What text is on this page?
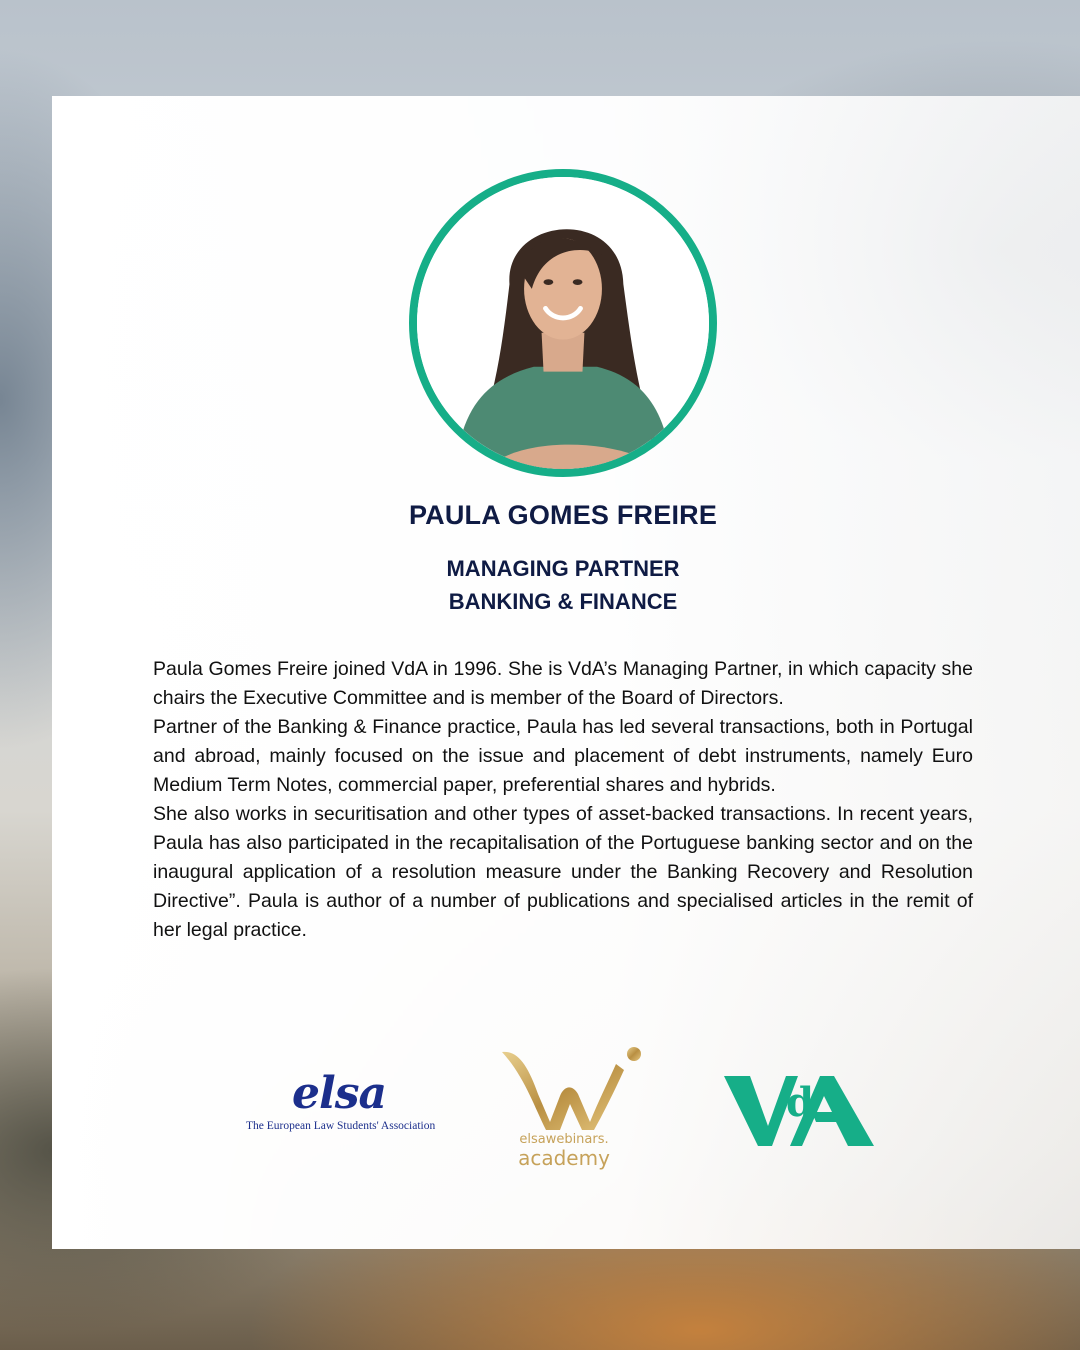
PAULA GOMES FREIRE
MANAGING PARTNER
BANKING & FINANCE

Paula Gomes Freire joined VdA in 1996. She is VdA’s Managing Partner, in which capacity she chairs the Executive Committee and is member of the Board of Directors.

Partner of the Banking & Finance practice, Paula has led several transactions, both in Portugal and abroad, mainly focused on the issue and placement of debt instruments, namely Euro Medium Term Notes, commercial paper, preferential shares and hybrids.

She also works in securitisation and other types of asset-backed transactions. In recent years, Paula has also participated in the recapitalisation of the Portuguese banking sector and on the inaugural application of a resolution measure under the Banking Recovery and Resolution Directive”. Paula is author of a number of publications and specialised articles in the remit of her legal practice.

elsa
The European Law Students' Association
elsawebinars.
academy
d
